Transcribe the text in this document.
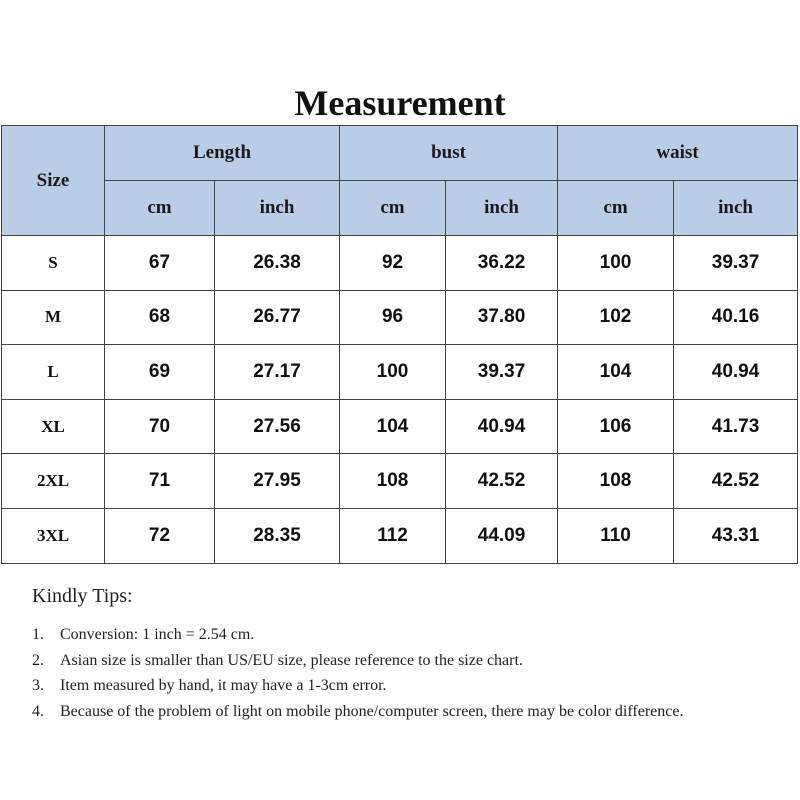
Measurement
Size	Length		bust		waist	
	cm	inch	cm	inch	cm	inch
S	67	26.38	92	36.22	100	39.37
M	68	26.77	96	37.80	102	40.16
L	69	27.17	100	39.37	104	40.94
XL	70	27.56	104	40.94	106	41.73
2XL	71	27.95	108	42.52	108	42.52
3XL	72	28.35	112	44.09	110	43.31
Kindly Tips:
1. Conversion: 1 inch = 2.54 cm.
2. Asian size is smaller than US/EU size, please reference to the size chart.
3. Item measured by hand, it may have a 1-3cm error.
4. Because of the problem of light on mobile phone/computer screen, there may be color difference.
